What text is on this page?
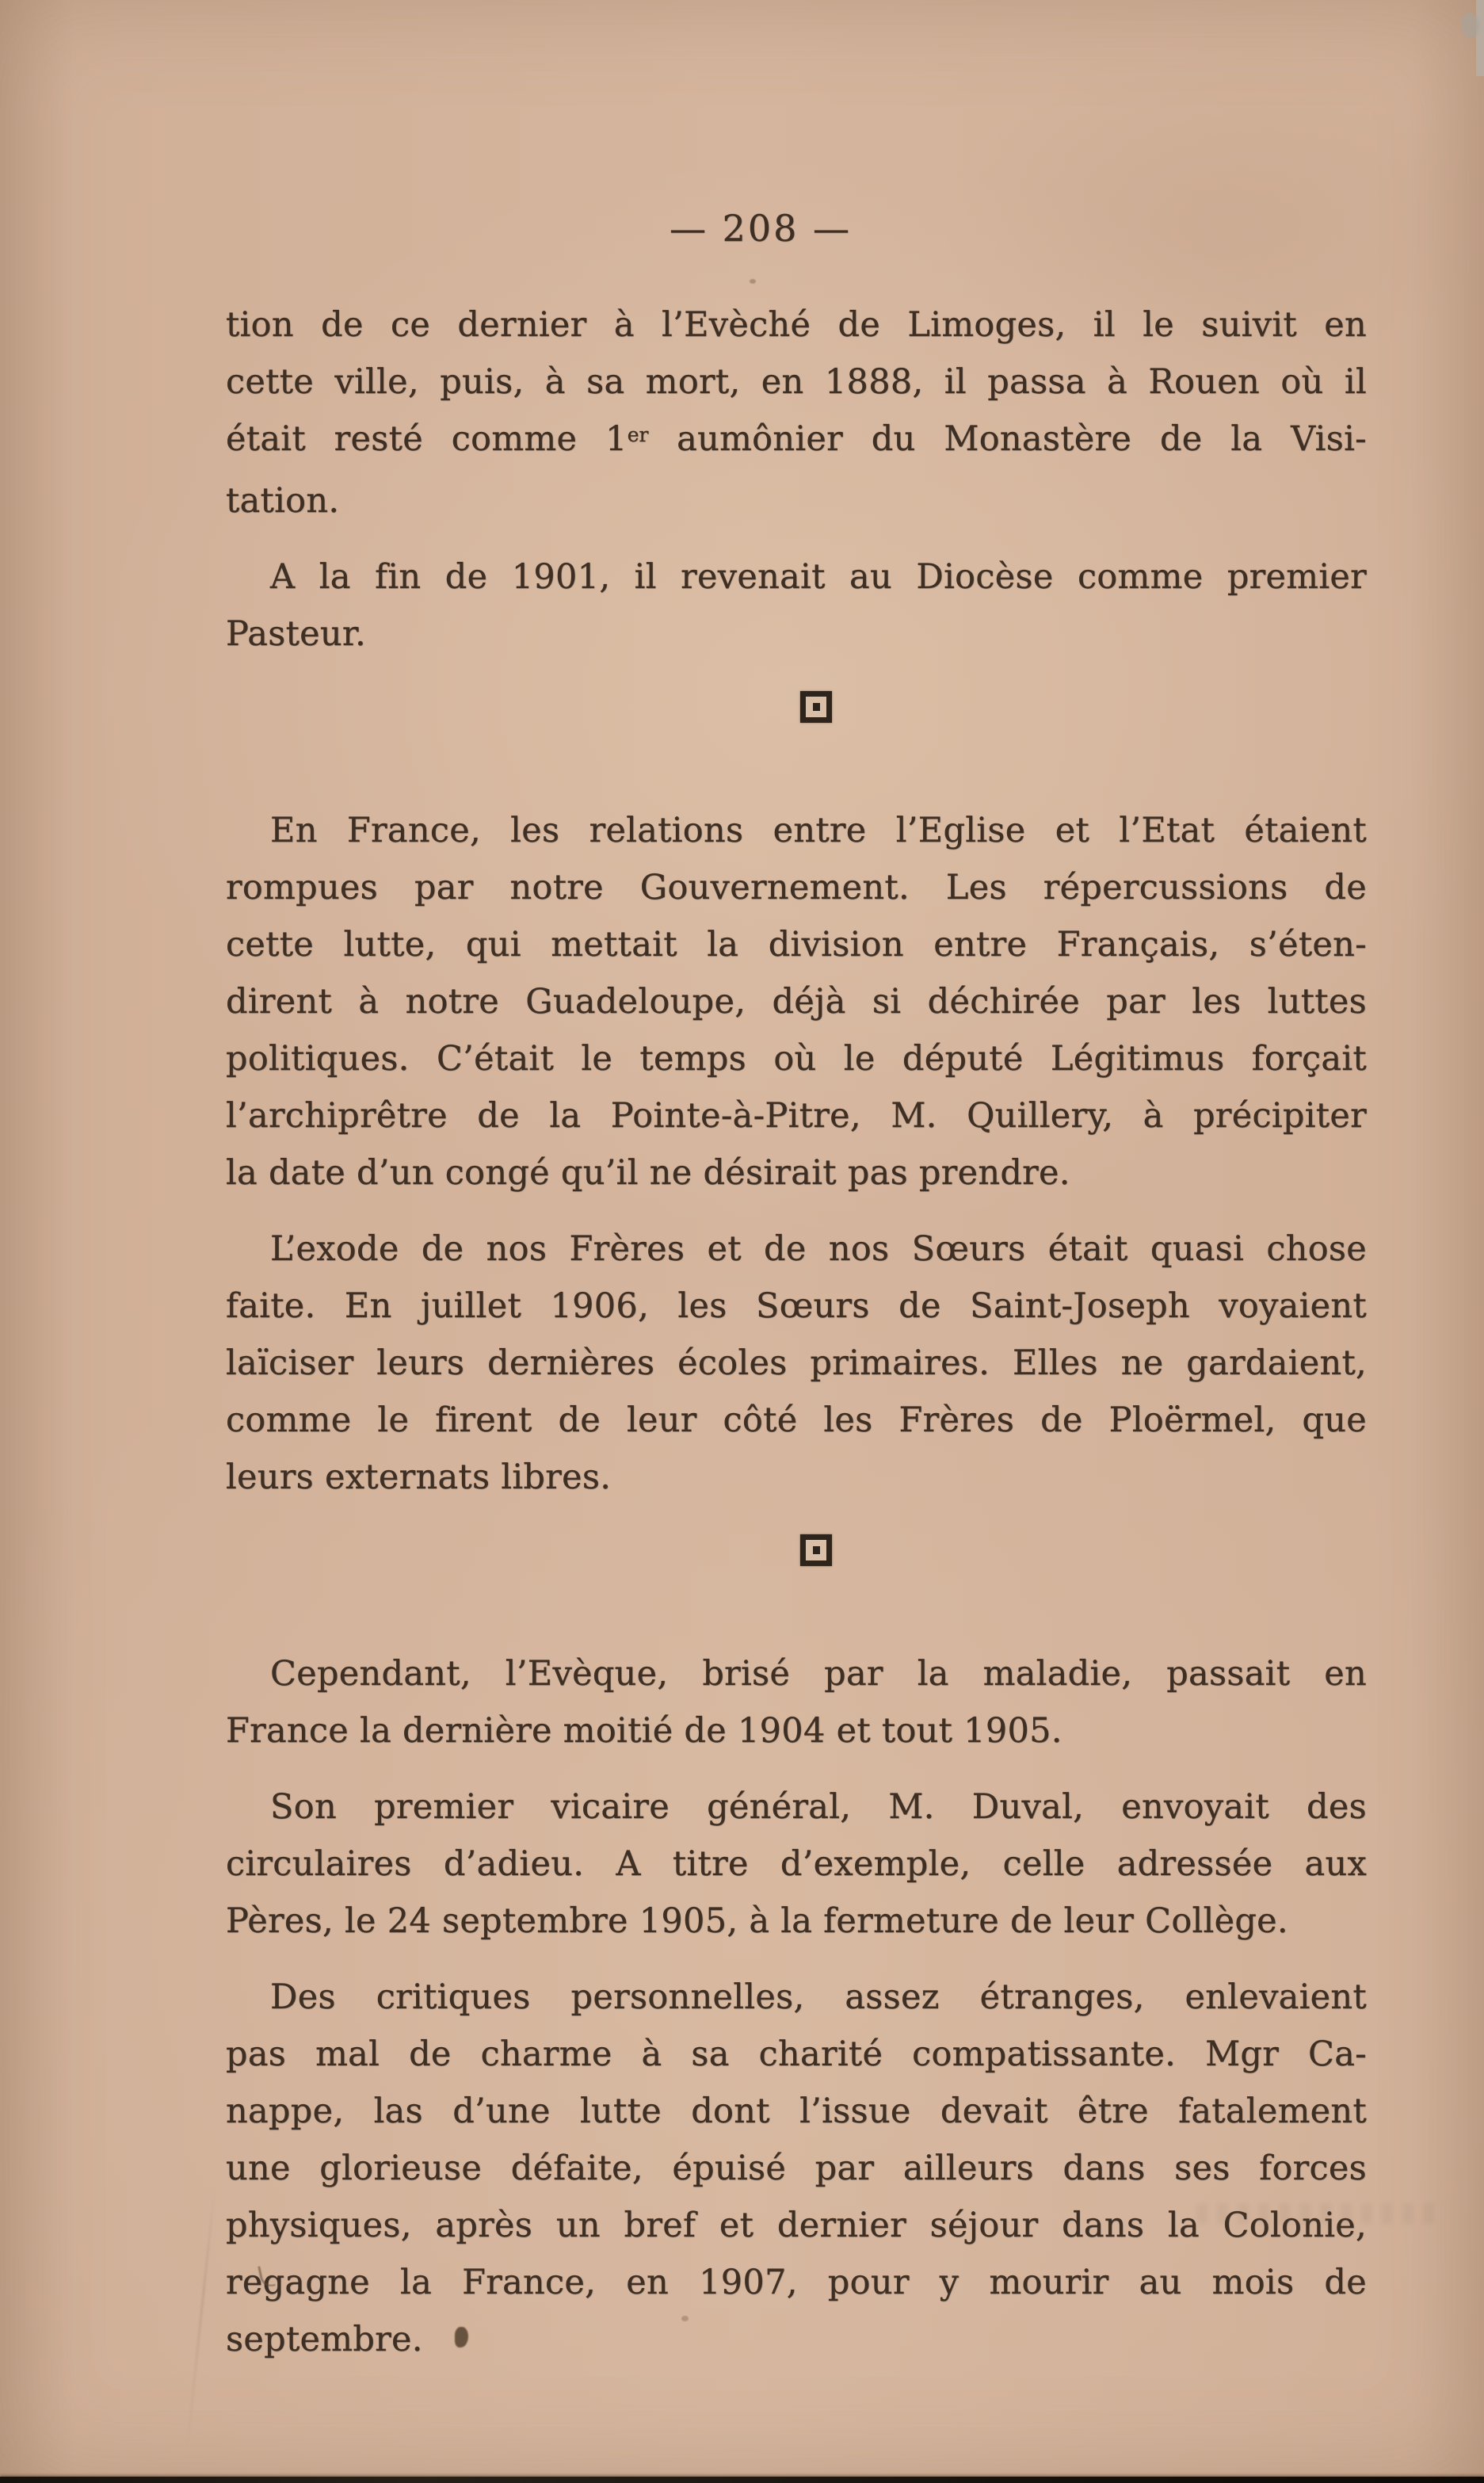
— 208 —

tion de ce dernier à l’Evèché de Limoges, il le suivit en
cette ville, puis, à sa mort, en 1888, il passa à Rouen où il
était resté comme 1er aumônier du Monastère de la Visi-
tation.

A la fin de 1901, il revenait au Diocèse comme premier
Pasteur.

En France, les relations entre l’Eglise et l’Etat étaient
rompues par notre Gouvernement. Les répercussions de
cette lutte, qui mettait la division entre Français, s’éten-
dirent à notre Guadeloupe, déjà si déchirée par les luttes
politiques. C’était le temps où le député Légitimus forçait
l’archiprêtre de la Pointe-à-Pitre, M. Quillery, à précipiter
la date d’un congé qu’il ne désirait pas prendre.

L’exode de nos Frères et de nos Sœurs était quasi chose
faite. En juillet 1906, les Sœurs de Saint-Joseph voyaient
laïciser leurs dernières écoles primaires. Elles ne gardaient,
comme le firent de leur côté les Frères de Ploërmel, que
leurs externats libres.

Cependant, l’Evèque, brisé par la maladie, passait en
France la dernière moitié de 1904 et tout 1905.

Son premier vicaire général, M. Duval, envoyait des
circulaires d’adieu. A titre d’exemple, celle adressée aux
Pères, le 24 septembre 1905, à la fermeture de leur Collège.

Des critiques personnelles, assez étranges, enlevaient
pas mal de charme à sa charité compatissante. Mgr Ca-
nappe, las d’une lutte dont l’issue devait être fatalement
une glorieuse défaite, épuisé par ailleurs dans ses forces
physiques, après un bref et dernier séjour dans la Colonie,
regagne la France, en 1907, pour y mourir au mois de
septembre.
